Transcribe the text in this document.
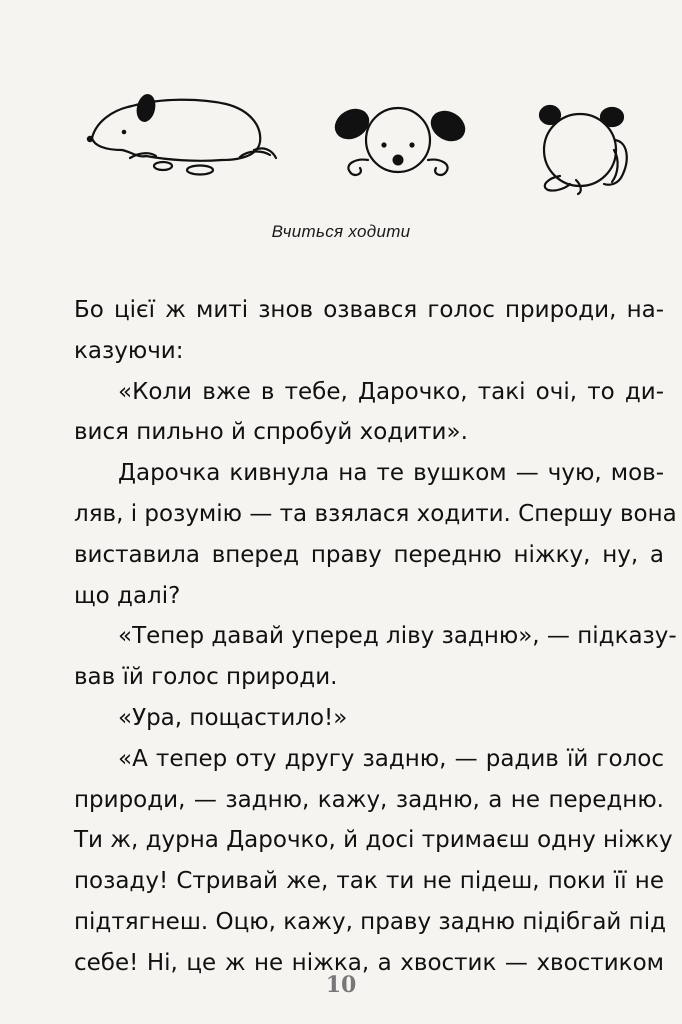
Вчиться ходити
Бо цієї ж миті знов озвався голос природи, на-
казуючи:
«Коли вже в тебе, Дарочко, такі очі, то ди-
вися пильно й спробуй ходити».
Дарочка кивнула на те вушком — чую, мов-
ляв, і розумію — та взялася ходити. Спершу вона
виставила вперед праву передню ніжку, ну, а
що далі?
«Тепер давай уперед ліву задню», — підказу-
вав їй голос природи.
«Ура, пощастило!»
«А тепер оту другу задню, — радив їй голос
природи, — задню, кажу, задню, а не передню.
Ти ж, дурна Дарочко, й досі тримаєш одну ніжку
позаду! Стривай же, так ти не підеш, поки її не
підтягнеш. Оцю, кажу, праву задню підібгай під
себе! Ні, це ж не ніжка, а хвостик — хвостиком
10
